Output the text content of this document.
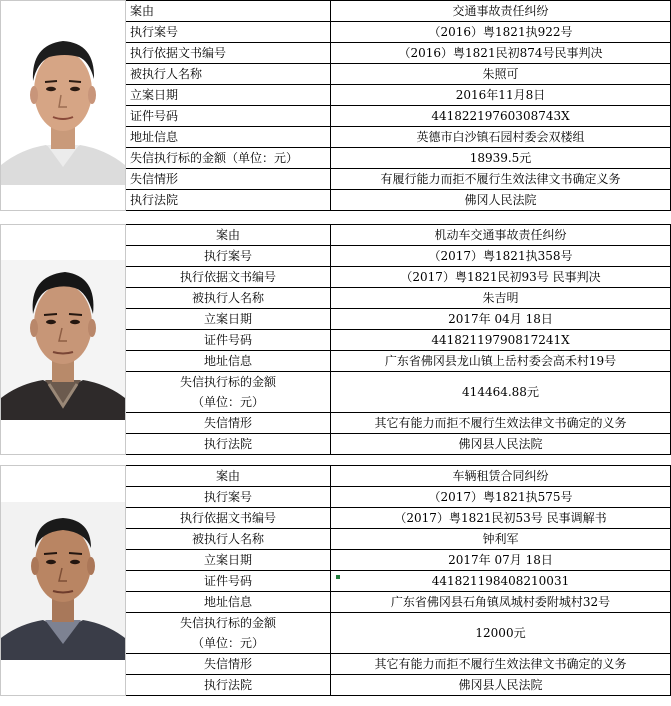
	案由	交通事故责任纠纷
	执行案号	（2016）粤1821执922号
	执行依据文书编号	（2016）粤1821民初874号民事判决
	被执行人名称	朱照可
	立案日期	2016年11月8日
	证件号码	44182219760308743X
	地址信息	英德市白沙镇石园村委会双楼组
	失信执行标的金额（单位：元）	18939.5元
	失信情形	有履行能力而拒不履行生效法律文书确定义务
	执行法院	佛冈人民法院
	案由	机动车交通事故责任纠纷
	执行案号	（2017）粤1821执358号
	执行依据文书编号	（2017）粤1821民初93号 民事判决
	被执行人名称	朱吉明
	立案日期	2017年 04月 18日
	证件号码	44182119790817241X
	地址信息	广东省佛冈县龙山镇上岳村委会高禾村19号
	失信执行标的金额	414464.88元
	（单位：元）	
	失信情形	其它有能力而拒不履行生效法律文书确定的义务
	执行法院	佛冈县人民法院
	案由	车辆租赁合同纠纷
	执行案号	（2017）粤1821执575号
	执行依据文书编号	（2017）粤1821民初53号 民事调解书
	被执行人名称	钟利军
	立案日期	2017年 07月 18日
	证件号码	441821198408210031
	地址信息	广东省佛冈县石角镇凤城村委附城村32号
	失信执行标的金额	12000元
	（单位：元）	
	失信情形	其它有能力而拒不履行生效法律文书确定的义务
	执行法院	佛冈县人民法院
